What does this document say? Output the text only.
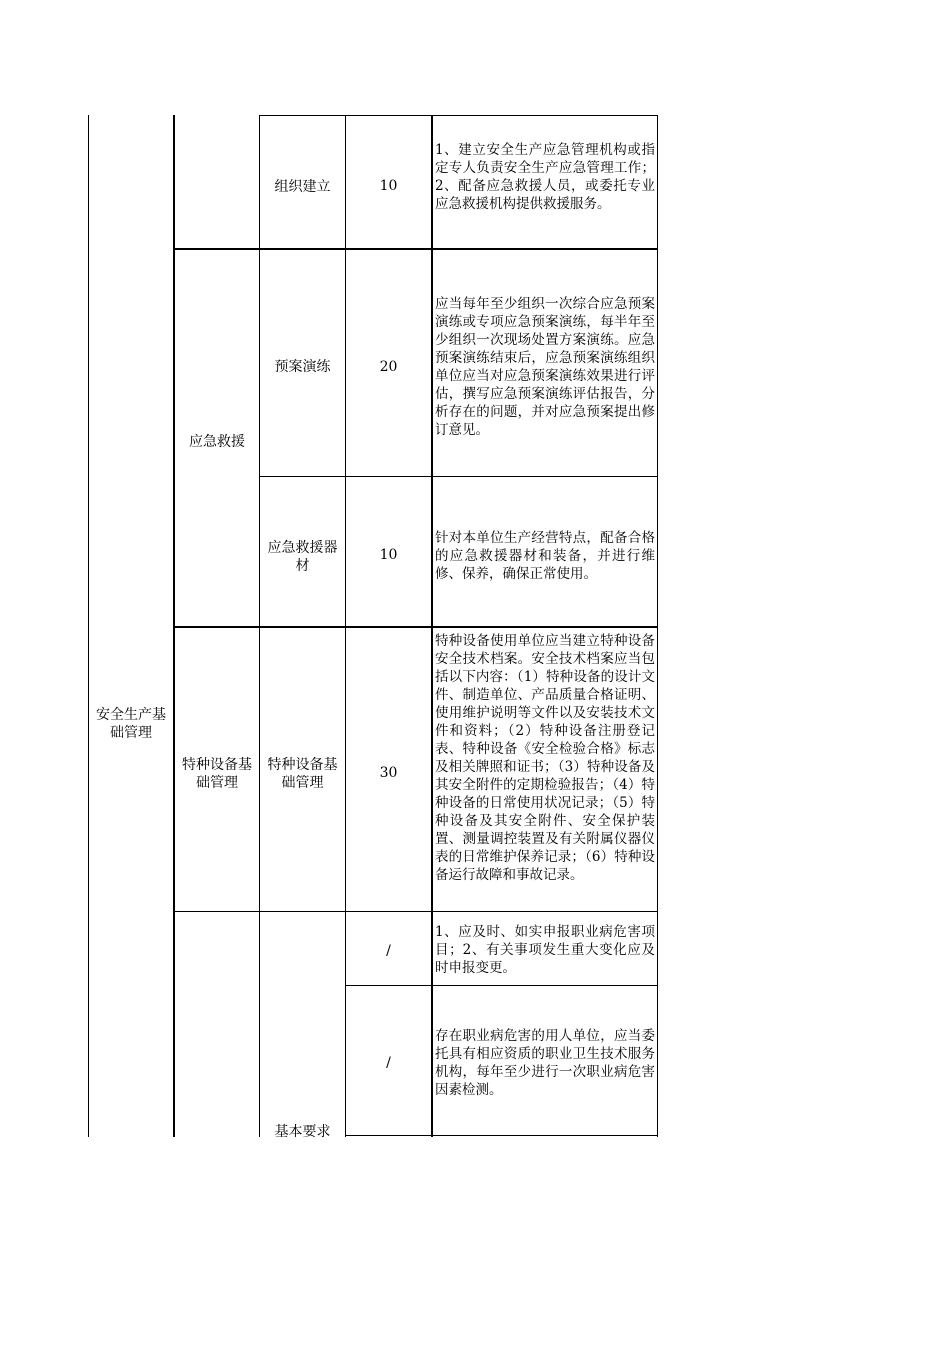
安全生产基础管理
应急救援
特种设备基础管理
组织建立
预案演练
应急救援器材
特种设备基础管理
基本要求
10
20
10
30
/
/
1、建立安全生产应急管理机构或指定专人负责安全生产应急管理工作；2、配备应急救援人员，或委托专业应急救援机构提供救援服务。
应当每年至少组织一次综合应急预案演练或专项应急预案演练，每半年至少组织一次现场处置方案演练。应急预案演练结束后，应急预案演练组织单位应当对应急预案演练效果进行评估，撰写应急预案演练评估报告，分析存在的问题，并对应急预案提出修订意见。
针对本单位生产经营特点，配备合格的应急救援器材和装备，并进行维修、保养，确保正常使用。
特种设备使用单位应当建立特种设备安全技术档案。安全技术档案应当包括以下内容：（1）特种设备的设计文件、制造单位、产品质量合格证明、使用维护说明等文件以及安装技术文件和资料；（2）特种设备注册登记表、特种设备《安全检验合格》标志及相关牌照和证书；（3）特种设备及其安全附件的定期检验报告；（4）特种设备的日常使用状况记录；（5）特种设备及其安全附件、安全保护装置、测量调控装置及有关附属仪器仪表的日常维护保养记录；（6）特种设备运行故障和事故记录。
1、应及时、如实申报职业病危害项目；2、有关事项发生重大变化应及时申报变更。
存在职业病危害的用人单位，应当委托具有相应资质的职业卫生技术服务机构，每年至少进行一次职业病危害因素检测。
